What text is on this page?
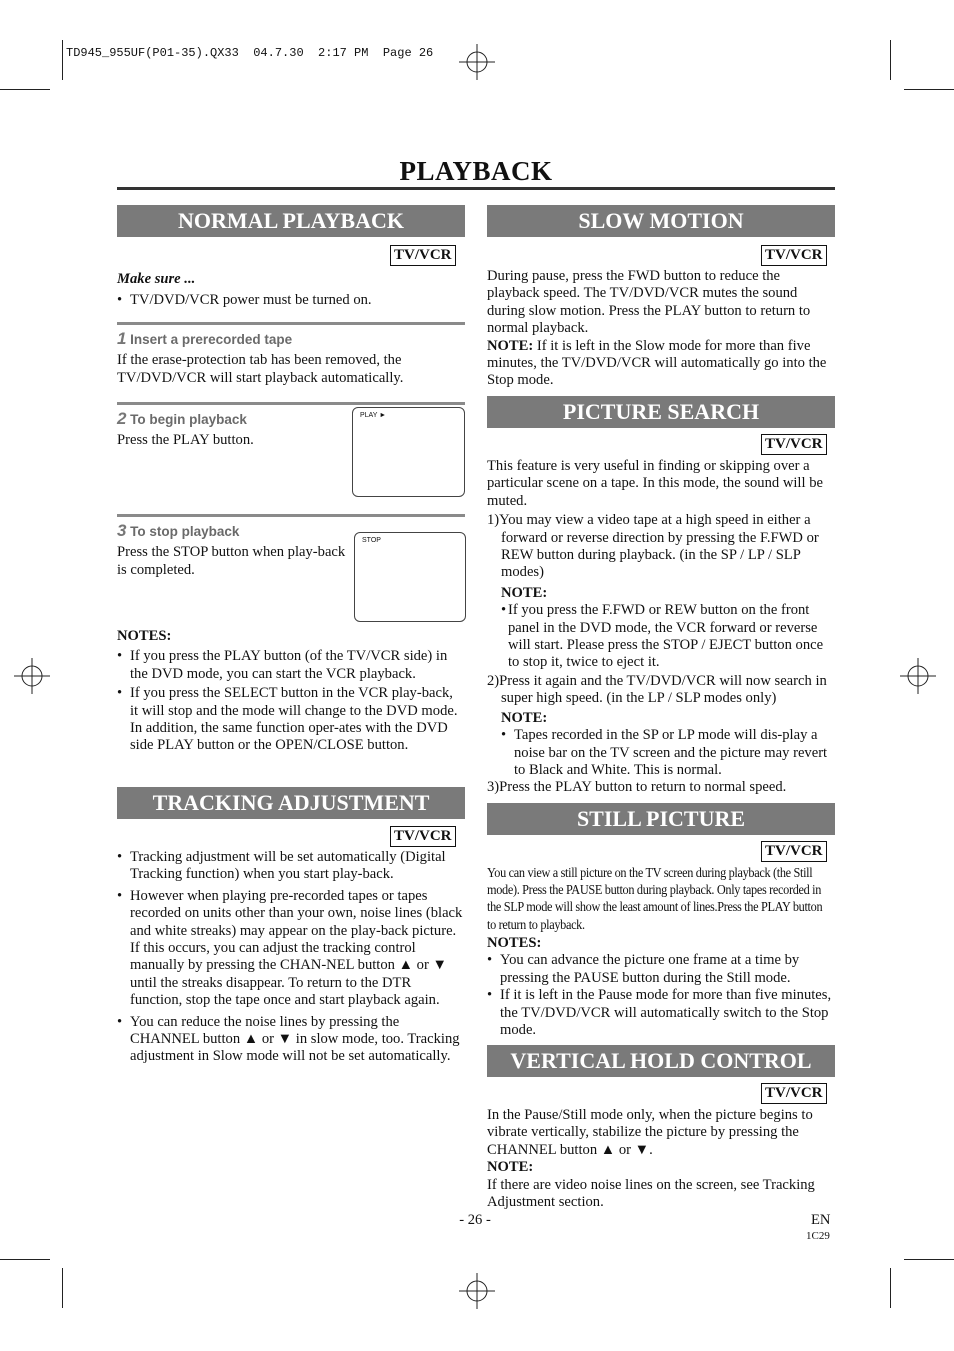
TD945_955UF(P01-35).QX33  04.7.30  2:17 PM  Page 26
PLAYBACK
NORMAL PLAYBACK
TV/VCR

Make sure ...

• TV/DVD/VCR power must be turned on.

1 Insert a prerecorded tape

If the erase-protection tab has been removed, the TV/DVD/VCR will start playback automatically.

2 To begin playback

Press the PLAY button.

PLAY ►

3 To stop playback

Press the STOP button when play-back is completed.

STOP

NOTES:

• If you press the PLAY button (of the TV/VCR side) in the DVD mode, you can start the VCR playback.

• If you press the SELECT button in the VCR play-back, it will stop and the mode will change to the DVD mode. In addition, the same function oper-ates with the DVD side PLAY button or the OPEN/CLOSE button.

TRACKING ADJUSTMENT
TV/VCR

• Tracking adjustment will be set automatically (Digital Tracking function) when you start play-back.

• However when playing pre-recorded tapes or tapes recorded on units other than your own, noise lines (black and white streaks) may appear on the play-back picture. If this occurs, you can adjust the tracking control manually by pressing the CHAN-NEL button ▲ or ▼ until the streaks disappear. To return to the DTR function, stop the tape once and start playback again.

• You can reduce the noise lines by pressing the CHANNEL button ▲ or ▼ in slow mode, too. Tracking adjustment in Slow mode will not be set automatically.

SLOW MOTION
TV/VCR

During pause, press the FWD button to reduce the playback speed. The TV/DVD/VCR mutes the sound during slow motion. Press the PLAY button to return to normal playback.

NOTE: If it is left in the Slow mode for more than five minutes, the TV/DVD/VCR will automatically go into the Stop mode.

PICTURE SEARCH
TV/VCR

This feature is very useful in finding or skipping over a particular scene on a tape. In this mode, the sound will be muted.

1)You may view a video tape at a high speed in either a forward or reverse direction by pressing the F.FWD or REW button during playback. (in the SP / LP / SLP modes)

NOTE:

• If you press the F.FWD or REW button on the front panel in the DVD mode, the VCR forward or reverse will start. Please press the STOP / EJECT button once to stop it, twice to eject it.

2)Press it again and the TV/DVD/VCR will now search in super high speed. (in the LP / SLP modes only)

NOTE:

• Tapes recorded in the SP or LP mode will dis-play a noise bar on the TV screen and the picture may revert to Black and White. This is normal.

3)Press the PLAY button to return to normal speed.

STILL PICTURE
TV/VCR

You can view a still picture on the TV screen during playback (the Still mode). Press the PAUSE button during playback. Only tapes recorded in the SLP mode will show the least amount of lines.Press the PLAY button to return to playback.

NOTES:

• You can advance the picture one frame at a time by pressing the PAUSE button during the Still mode.

• If it is left in the Pause mode for more than five minutes, the TV/DVD/VCR will automatically switch to the Stop mode.

VERTICAL HOLD CONTROL
TV/VCR

In the Pause/Still mode only, when the picture begins to vibrate vertically, stabilize the picture by pressing the CHANNEL button ▲ or ▼.

NOTE:

If there are video noise lines on the screen, see Tracking Adjustment section.

- 26 -	EN
1C29
